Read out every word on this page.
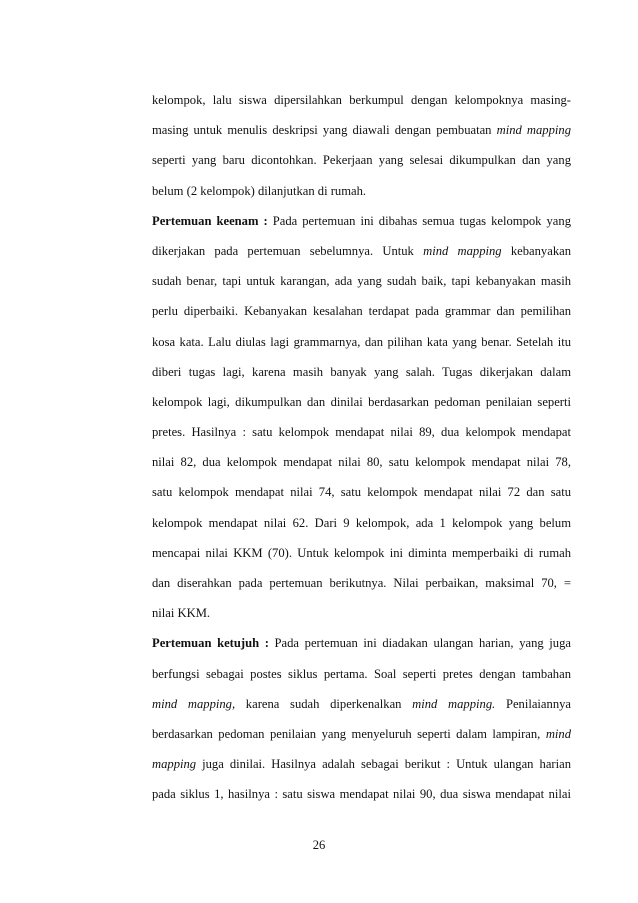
kelompok, lalu siswa dipersilahkan berkumpul dengan kelompoknya masing-
masing untuk menulis deskripsi yang diawali dengan pembuatan mind mapping
seperti yang baru dicontohkan. Pekerjaan yang selesai dikumpulkan dan yang
belum (2 kelompok) dilanjutkan di rumah.
Pertemuan keenam : Pada pertemuan ini dibahas semua tugas kelompok yang
dikerjakan pada pertemuan sebelumnya. Untuk mind mapping kebanyakan
sudah benar, tapi untuk karangan, ada yang sudah baik, tapi kebanyakan masih
perlu diperbaiki. Kebanyakan kesalahan terdapat pada grammar dan pemilihan
kosa kata. Lalu diulas lagi grammarnya, dan pilihan kata yang benar. Setelah itu
diberi tugas lagi, karena masih banyak yang salah. Tugas dikerjakan dalam
kelompok lagi, dikumpulkan dan dinilai berdasarkan pedoman penilaian seperti
pretes. Hasilnya : satu kelompok mendapat nilai 89, dua kelompok mendapat
nilai 82, dua kelompok mendapat nilai 80, satu kelompok mendapat nilai 78,
satu kelompok mendapat nilai 74, satu kelompok mendapat nilai 72 dan satu
kelompok mendapat nilai 62. Dari 9 kelompok, ada 1 kelompok yang belum
mencapai nilai KKM (70). Untuk kelompok ini diminta memperbaiki di rumah
dan diserahkan pada pertemuan berikutnya. Nilai perbaikan, maksimal 70, =
nilai KKM.
Pertemuan ketujuh : Pada pertemuan ini diadakan ulangan harian, yang juga
berfungsi sebagai postes siklus pertama. Soal seperti pretes dengan tambahan
mind mapping, karena sudah diperkenalkan mind mapping. Penilaiannya
berdasarkan pedoman penilaian yang menyeluruh seperti dalam lampiran, mind
mapping juga dinilai. Hasilnya adalah sebagai berikut : Untuk ulangan harian
pada siklus 1, hasilnya : satu siswa mendapat nilai 90, dua siswa mendapat nilai
26
